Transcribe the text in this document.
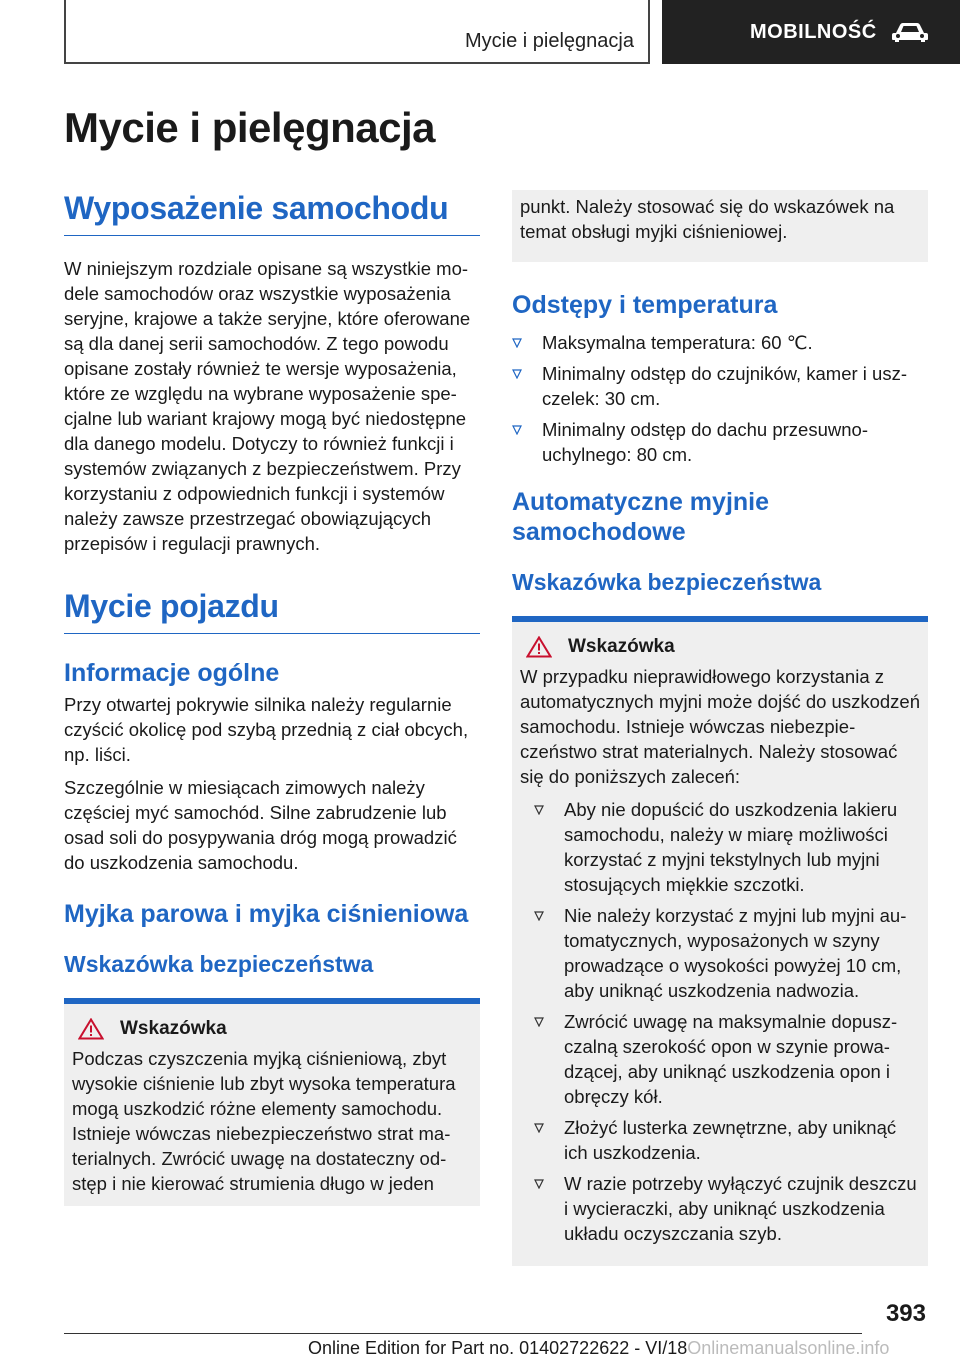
Mycie i pielęgnacja	MOBILNOŚĆ
Mycie i pielęgnacja
Wyposażenie samochodu

W niniejszym rozdziale opisane są wszystkie modele samochodów oraz wszystkie wyposażenia seryjne, krajowe a także seryjne, które oferowane są dla danej serii samochodów. Z tego powodu opisane zostały również te wersje wyposażenia, które ze względu na wybrane wyposażenie specjalne lub wariant krajowy mogą być niedostępne dla danego modelu. Dotyczy to również funkcji i systemów związanych z bezpieczeństwem. Przy korzystaniu z odpowiednich funkcji i systemów należy zawsze przestrzegać obowiązujących przepisów i regulacji prawnych.

Mycie pojazdu
Informacje ogólne

Przy otwartej pokrywie silnika należy regularnie czyścić okolicę pod szybą przednią z ciał obcych, np. liści.

Szczególnie w miesiącach zimowych należy częściej myć samochód. Silne zabrudzenie lub osad soli do posypywania dróg mogą prowadzić do uszkodzenia samochodu.

Myjka parowa i myjka ciśnieniowa
Wskazówka bezpieczeństwa
Wskazówka

Podczas czyszczenia myjką ciśnieniową, zbyt wysokie ciśnienie lub zbyt wysoka temperatura mogą uszkodzić różne elementy samochodu. Istnieje wówczas niebezpieczeństwo strat materialnych. Zwrócić uwagę na dostateczny odstęp i nie kierować strumienia długo w jeden

punkt. Należy stosować się do wskazówek na temat obsługi myjki ciśnieniowej.

Odstępy i temperatura
Maksymalna temperatura: 60 ℃.
Minimalny odstęp do czujników, kamer i uszczelek: 30 cm.
Minimalny odstęp do dachu przesuwno-uchylnego: 80 cm.
Automatyczne myjnie samochodowe
Wskazówka bezpieczeństwa
Wskazówka

W przypadku nieprawidłowego korzystania z automatycznych myjni może dojść do uszkodzeń samochodu. Istnieje wówczas niebezpieczeństwo strat materialnych. Należy stosować się do poniższych zaleceń:

Aby nie dopuścić do uszkodzenia lakieru samochodu, należy w miarę możliwości korzystać z myjni tekstylnych lub myjni stosujących miękkie szczotki.
Nie należy korzystać z myjni lub myjni automatycznych, wyposażonych w szyny prowadzące o wysokości powyżej 10 cm, aby uniknąć uszkodzenia nadwozia.
Zwrócić uwagę na maksymalnie dopuszczalną szerokość opon w szynie prowadzącej, aby uniknąć uszkodzenia opon i obręczy kół.
Złożyć lusterka zewnętrzne, aby uniknąć ich uszkodzenia.
W razie potrzeby wyłączyć czujnik deszczu i wycieraczki, aby uniknąć uszkodzenia układu oczyszczania szyb.
393
Online Edition for Part no. 01402722622 - VI/18Onlinemanualsonline.info
